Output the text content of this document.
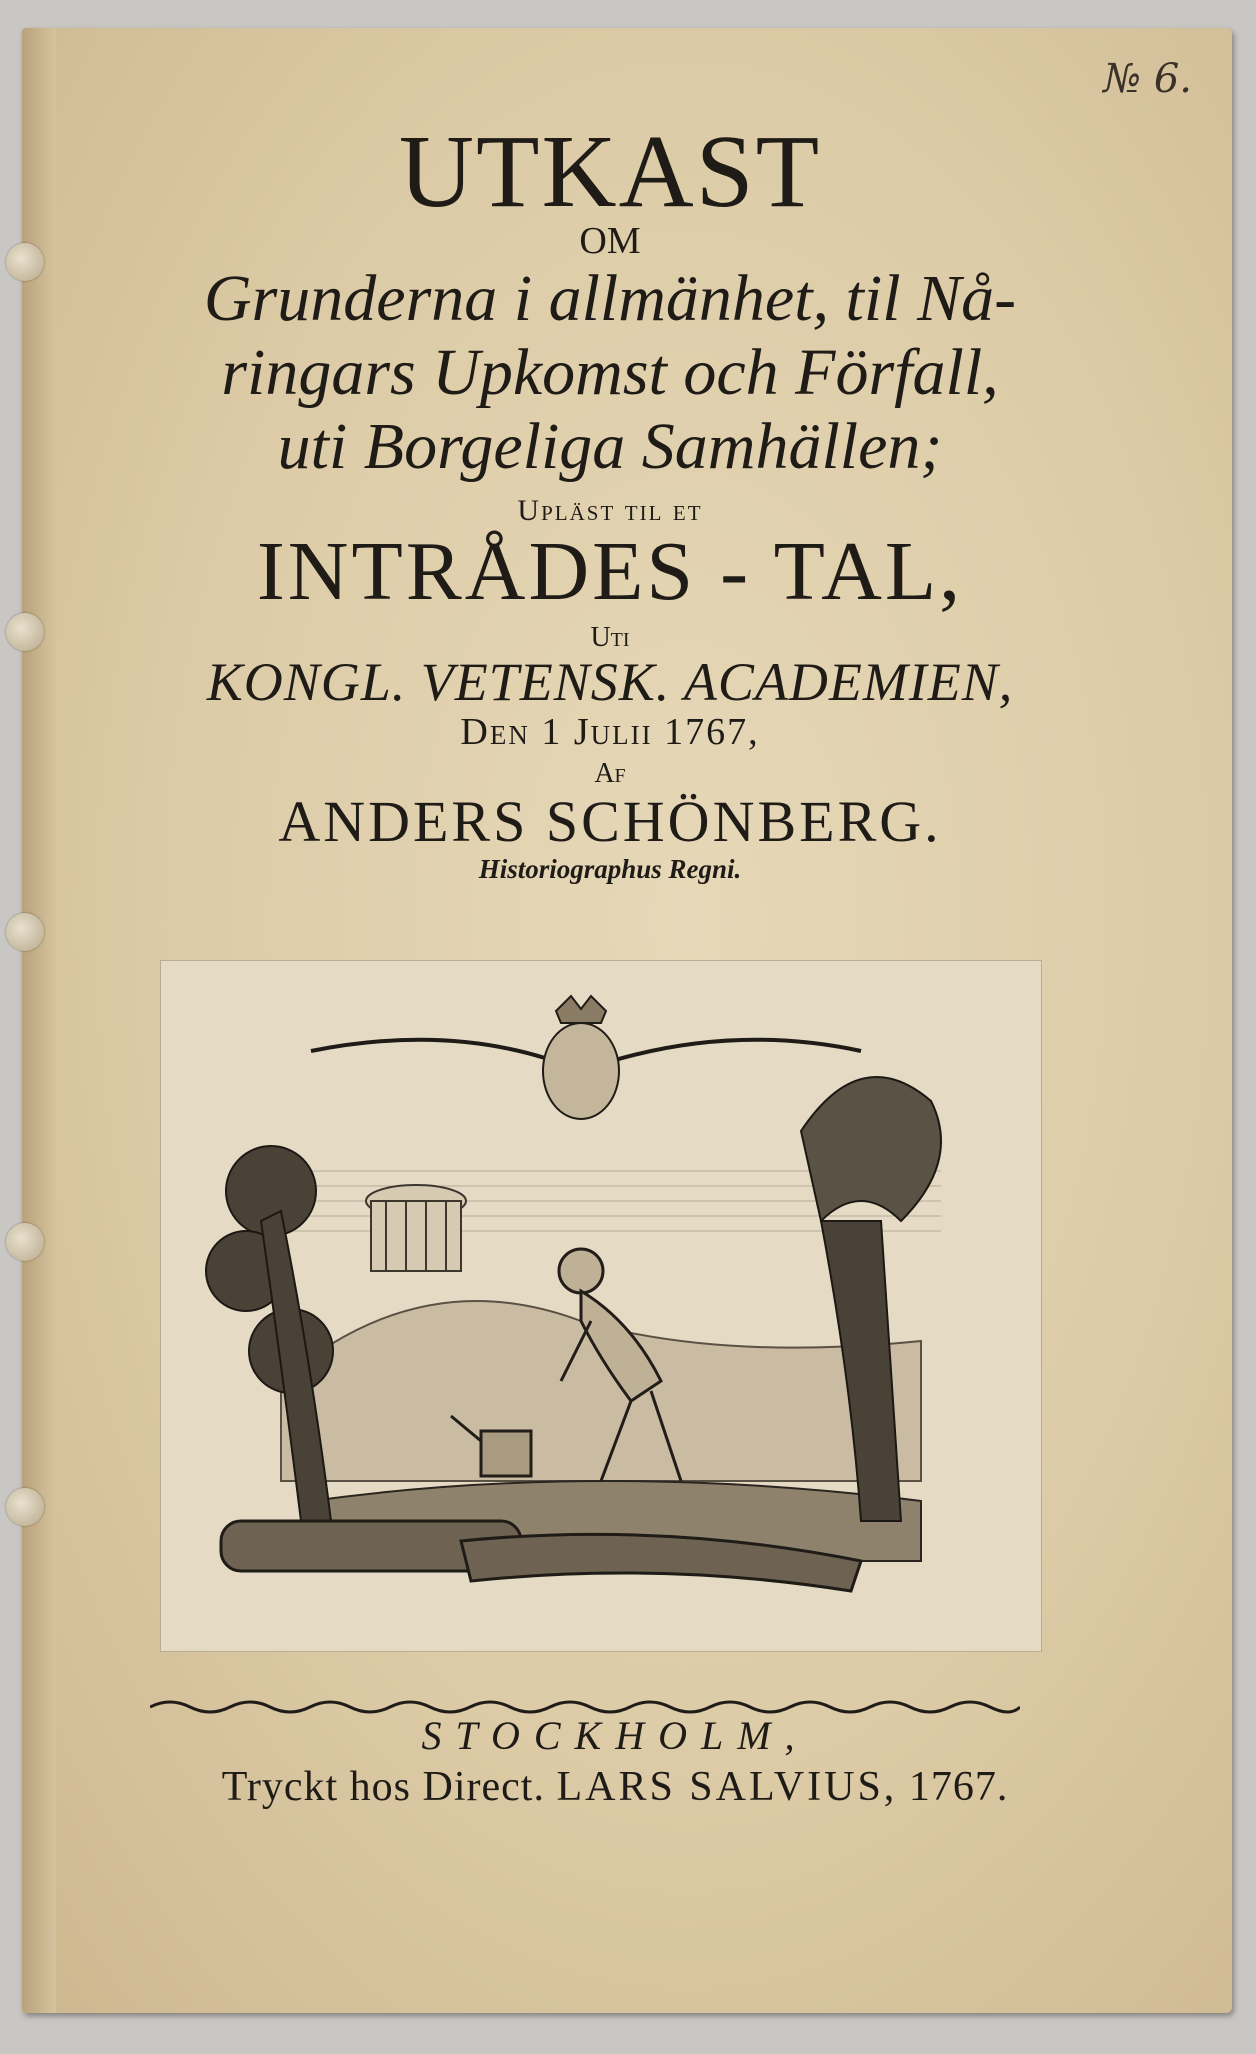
№ 6.
UTKAST
OM
Grunderna i allmänhet, til Nå-
ringars Upkomst och Förfall,
uti Borgeliga Samhällen;
Upläst til et
INTRÅDES - TAL,
Uti
KONGL. VETENSK. ACADEMIEN,
Den 1 Julii 1767,
Af
ANDERS SCHÖNBERG.
Historiographus Regni.
STOCKHOLM,
Tryckt hos Direct. LARS SALVIUS, 1767.
